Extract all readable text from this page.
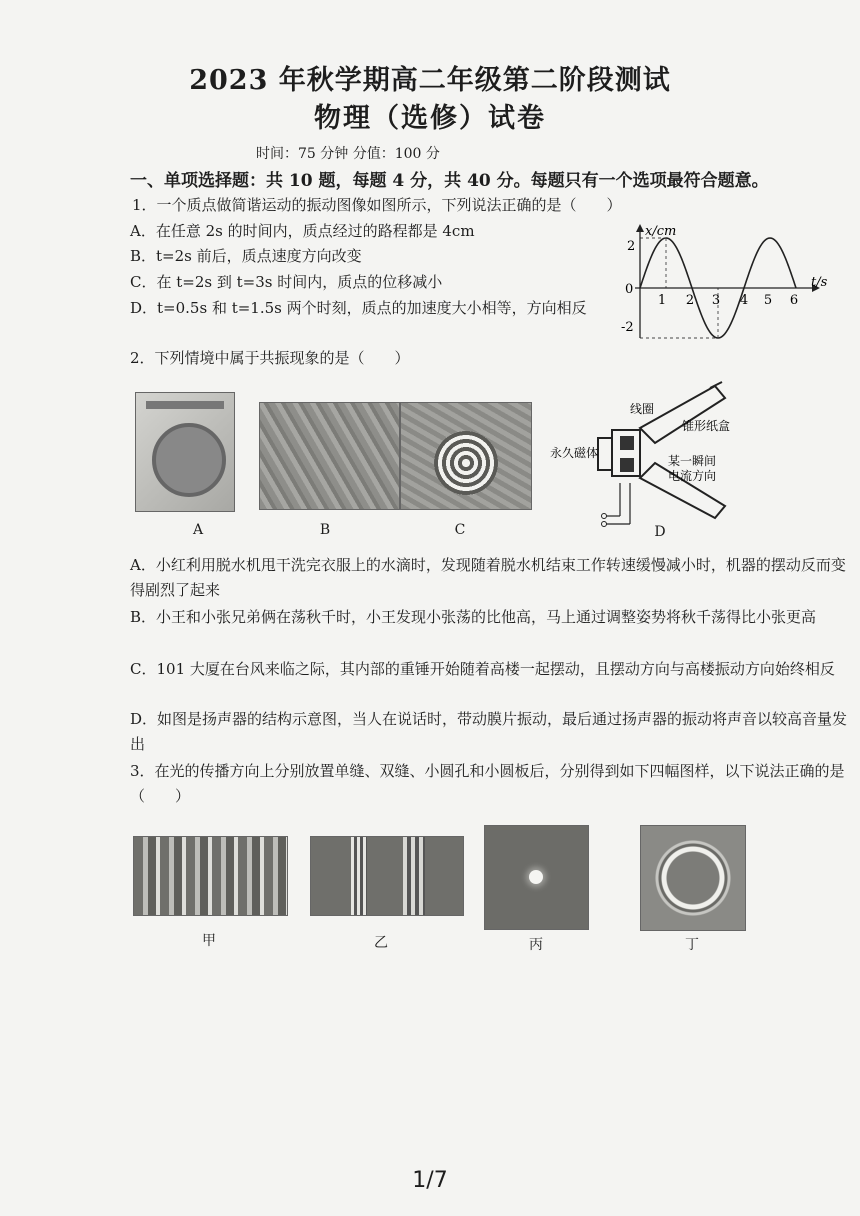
2023 年秋学期高二年级第二阶段测试
物理（选修）试卷
时间：75 分钟 分值：100 分
一、单项选择题：共 10 题，每题 4 分，共 40 分。每题只有一个选项最符合题意。
1．一个质点做简谐运动的振动图像如图所示，下列说法正确的是（　　）
A．在任意 2s 的时间内，质点经过的路程都是 4cm
B．t=2s 前后，质点速度方向改变
C．在 t=2s 到 t=3s 时间内，质点的位移减小
D．t=0.5s 和 t=1.5s 两个时刻，质点的加速度大小相等，方向相反
x/cm
t/s
0
2
-2
1 2 3 4 5 6
2．下列情境中属于共振现象的是（　　）
A	B	C
线圈
锥形纸盒
永久磁体
某一瞬间
电流方向
D
A．小红利用脱水机甩干洗完衣服上的水滴时，发现随着脱水机结束工作转速缓慢减小时，机器的摆动反而变得剧烈了起来
B．小王和小张兄弟俩在荡秋千时，小王发现小张荡的比他高，马上通过调整姿势将秋千荡得比小张更高
C．101 大厦在台风来临之际，其内部的重锤开始随着高楼一起摆动，且摆动方向与高楼振动方向始终相反
D．如图是扬声器的结构示意图，当人在说话时，带动膜片振动，最后通过扬声器的振动将声音以较高音量发出
3．在光的传播方向上分别放置单缝、双缝、小圆孔和小圆板后，分别得到如下四幅图样，以下说法正确的是（　　）
甲	乙	丙	丁
1/7
